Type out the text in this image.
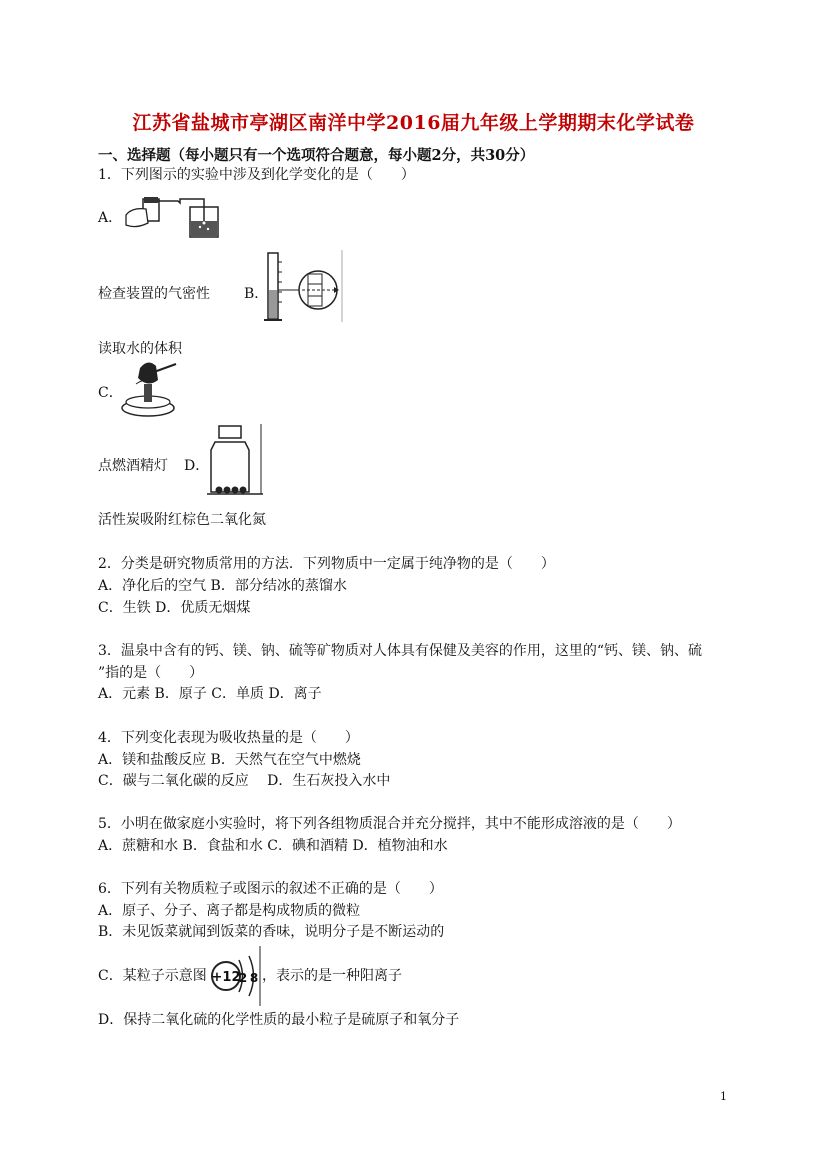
江苏省盐城市亭湖区南洋中学2016届九年级上学期期末化学试卷
一、选择题（每小题只有一个选项符合题意，每小题2分，共30分）
1．下列图示的实验中涉及到化学变化的是（　　）
A．
检查装置的气密性 B．
读取水的体积
C．
点燃酒精灯 D．
活性炭吸附红棕色二氧化氮
2．分类是研究物质常用的方法．下列物质中一定属于纯净物的是（　　）
A．净化后的空气 B．部分结冰的蒸馏水
C．生铁 D．优质无烟煤
3．温泉中含有的钙、镁、钠、硫等矿物质对人体具有保健及美容的作用，这里的“钙、镁、钠、硫
”指的是（　　）
A．元素 B．原子 C．单质 D．离子
4．下列变化表现为吸收热量的是（　　）
A．镁和盐酸反应 B．天然气在空气中燃烧
C．碳与二氧化碳的反应　 D．生石灰投入水中
5．小明在做家庭小实验时，将下列各组物质混合并充分搅拌，其中不能形成溶液的是（　　）
A．蔗糖和水 B．食盐和水 C．碘和酒精 D．植物油和水
6．下列有关物质粒子或图示的叙述不正确的是（　　）
A．原子、分子、离子都是构成物质的微粒
B．未见饭菜就闻到饭菜的香味，说明分子是不断运动的
C．某粒子示意图 +12
2 8 ，表示的是一种阳离子
D．保持二氧化硫的化学性质的最小粒子是硫原子和氧分子
1
